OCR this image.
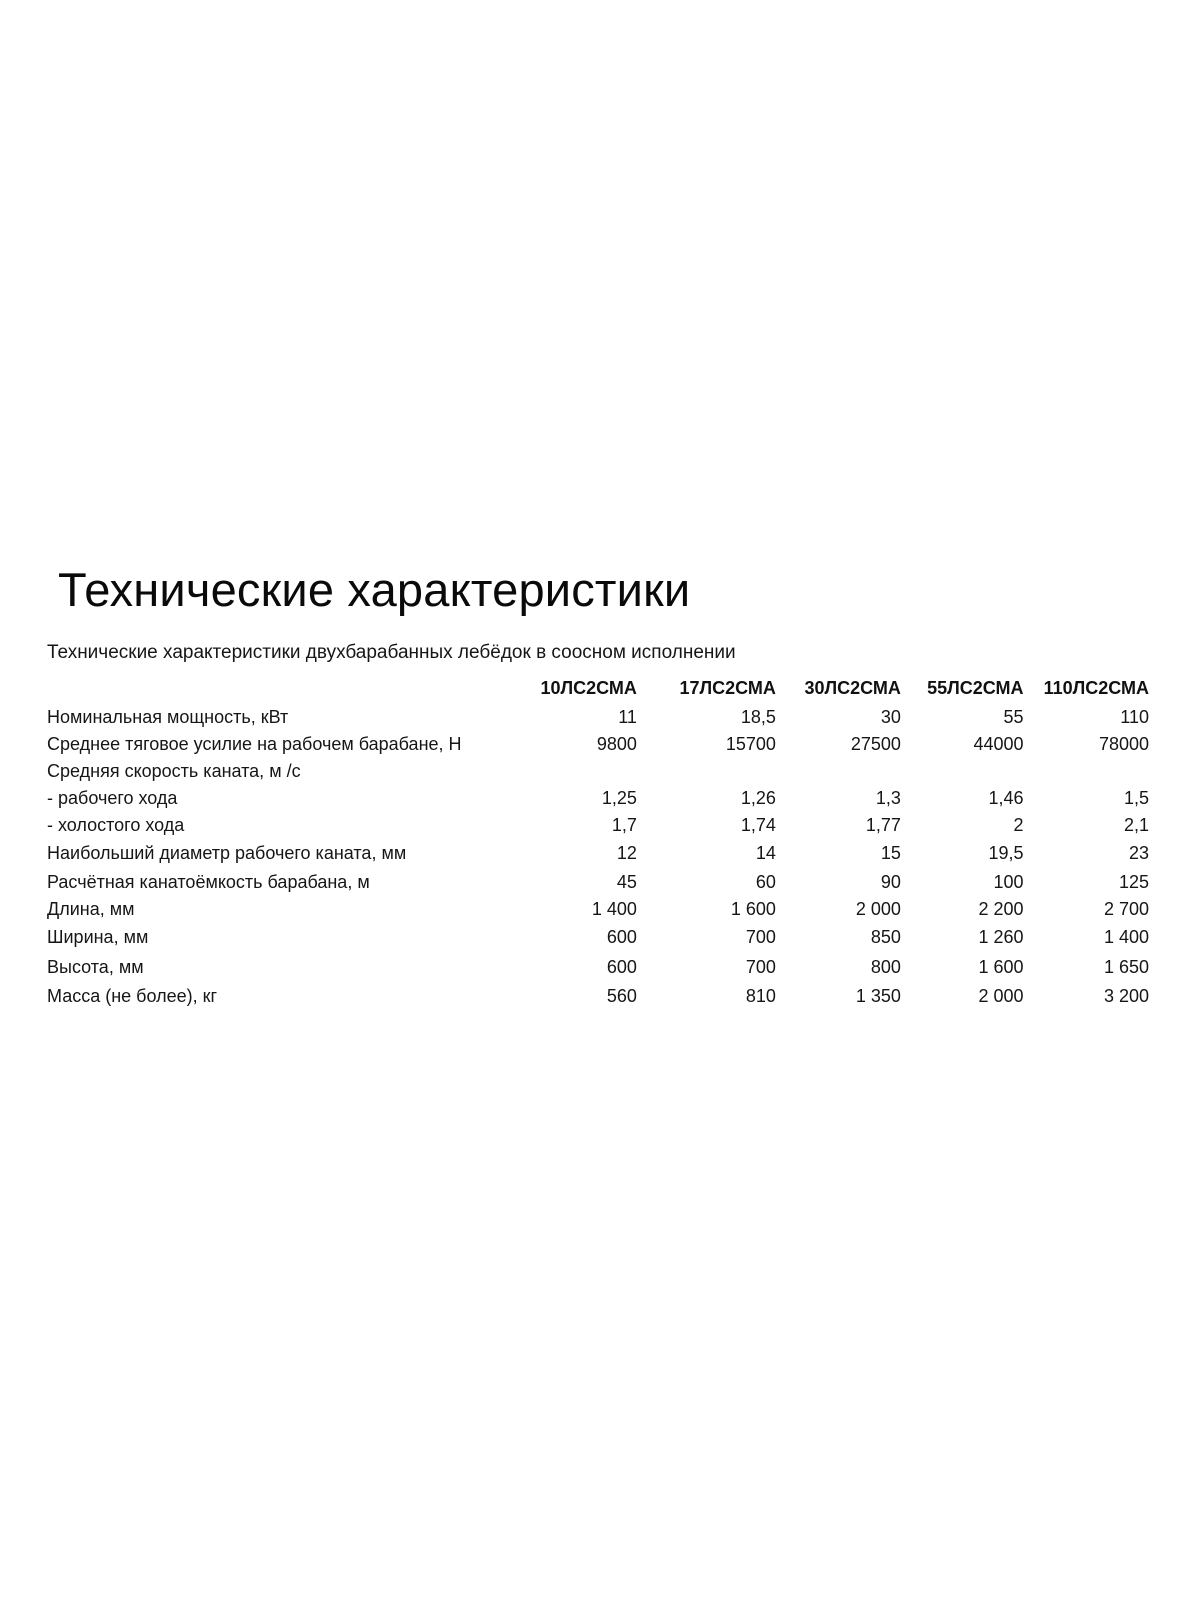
Технические характеристики

Технические характеристики двухбарабанных лебёдок в соосном исполнении

	10ЛС2СМА	17ЛС2СМА	30ЛС2СМА	55ЛС2СМА	110ЛС2СМА
Номинальная мощность, кВт	11	18,5	30	55	110
Среднее тяговое усилие на рабочем барабане, Н	9800	15700	27500	44000	78000
Средняя скорость каната, м /с					
- рабочего хода	1,25	1,26	1,3	1,46	1,5
- холостого хода	1,7	1,74	1,77	2	2,1
Наибольший диаметр рабочего каната, мм	12	14	15	19,5	23
Расчётная канатоёмкость барабана, м	45	60	90	100	125
Длина, мм	1 400	1 600	2 000	2 200	2 700
Ширина, мм	600	700	850	1 260	1 400
Высота, мм	600	700	800	1 600	1 650
Масса (не более), кг	560	810	1 350	2 000	3 200
